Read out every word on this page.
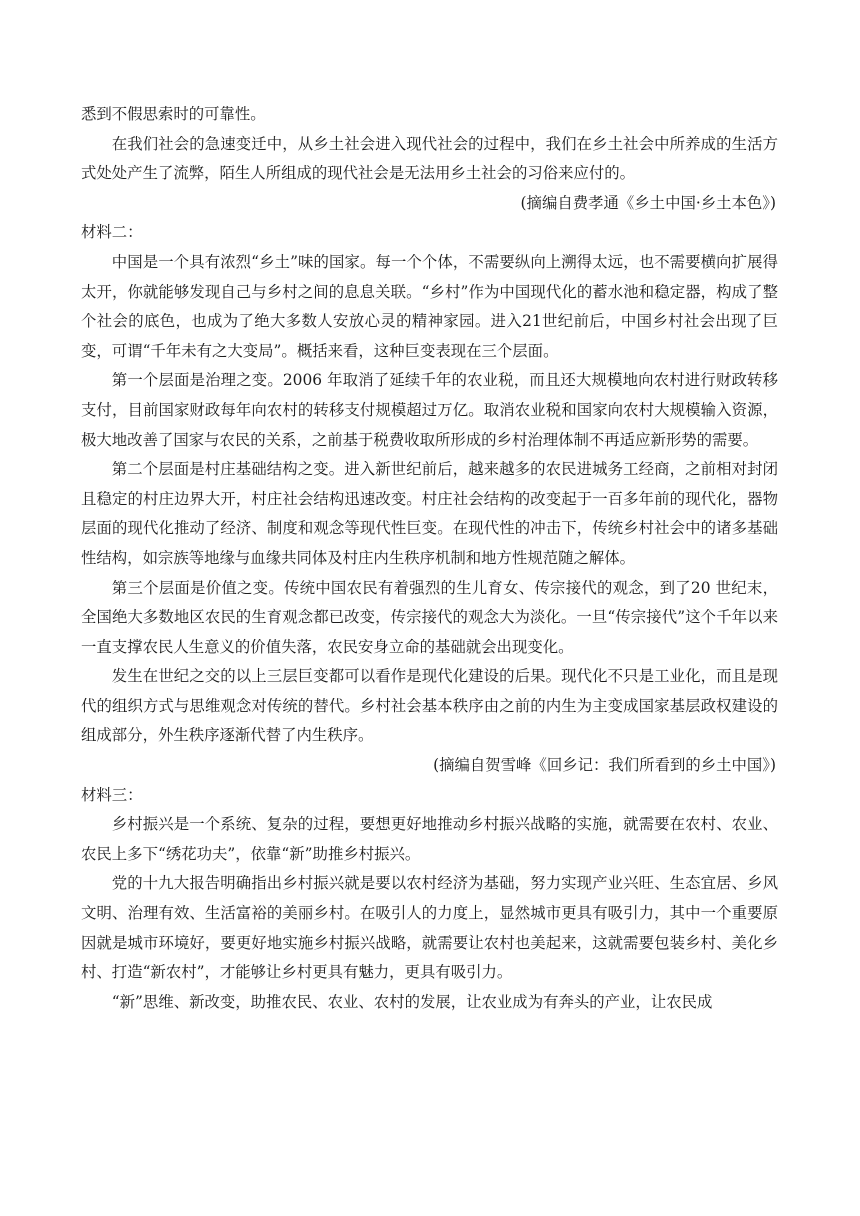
悉到不假思索时的可靠性。

在我们社会的急速变迁中，从乡土社会进入现代社会的过程中，我们在乡土社会中所养成的生活方式处处产生了流弊，陌生人所组成的现代社会是无法用乡土社会的习俗来应付的。

(摘编自费孝通《乡土中国·乡土本色》)

材料二：

中国是一个具有浓烈“乡土”味的国家。每一个个体，不需要纵向上溯得太远，也不需要横向扩展得太开，你就能够发现自己与乡村之间的息息关联。“乡村”作为中国现代化的蓄水池和稳定器，构成了整个社会的底色，也成为了绝大多数人安放心灵的精神家园。进入21世纪前后，中国乡村社会出现了巨变，可谓“千年未有之大变局”。概括来看，这种巨变表现在三个层面。

第一个层面是治理之变。2006 年取消了延续千年的农业税，而且还大规模地向农村进行财政转移支付，目前国家财政每年向农村的转移支付规模超过万亿。取消农业税和国家向农村大规模输入资源，极大地改善了国家与农民的关系，之前基于税费收取所形成的乡村治理体制不再适应新形势的需要。

第二个层面是村庄基础结构之变。进入新世纪前后，越来越多的农民进城务工经商，之前相对封闭且稳定的村庄边界大开，村庄社会结构迅速改变。村庄社会结构的改变起于一百多年前的现代化，器物层面的现代化推动了经济、制度和观念等现代性巨变。在现代性的冲击下，传统乡村社会中的诸多基础性结构，如宗族等地缘与血缘共同体及村庄内生秩序机制和地方性规范随之解体。

第三个层面是价值之变。传统中国农民有着强烈的生儿育女、传宗接代的观念，到了20 世纪末，全国绝大多数地区农民的生育观念都已改变，传宗接代的观念大为淡化。一旦“传宗接代”这个千年以来一直支撑农民人生意义的价值失落，农民安身立命的基础就会出现变化。

发生在世纪之交的以上三层巨变都可以看作是现代化建设的后果。现代化不只是工业化，而且是现代的组织方式与思维观念对传统的替代。乡村社会基本秩序由之前的内生为主变成国家基层政权建设的组成部分，外生秩序逐渐代替了内生秩序。

(摘编自贺雪峰《回乡记：我们所看到的乡土中国》)

材料三：

乡村振兴是一个系统、复杂的过程，要想更好地推动乡村振兴战略的实施，就需要在农村、农业、农民上多下“绣花功夫”，依靠“新”助推乡村振兴。

党的十九大报告明确指出乡村振兴就是要以农村经济为基础，努力实现产业兴旺、生态宜居、乡风文明、治理有效、生活富裕的美丽乡村。在吸引人的力度上，显然城市更具有吸引力，其中一个重要原因就是城市环境好，要更好地实施乡村振兴战略，就需要让农村也美起来，这就需要包装乡村、美化乡村、打造“新农村”，才能够让乡村更具有魅力，更具有吸引力。

“新”思维、新改变，助推农民、农业、农村的发展，让农业成为有奔头的产业，让农民成
